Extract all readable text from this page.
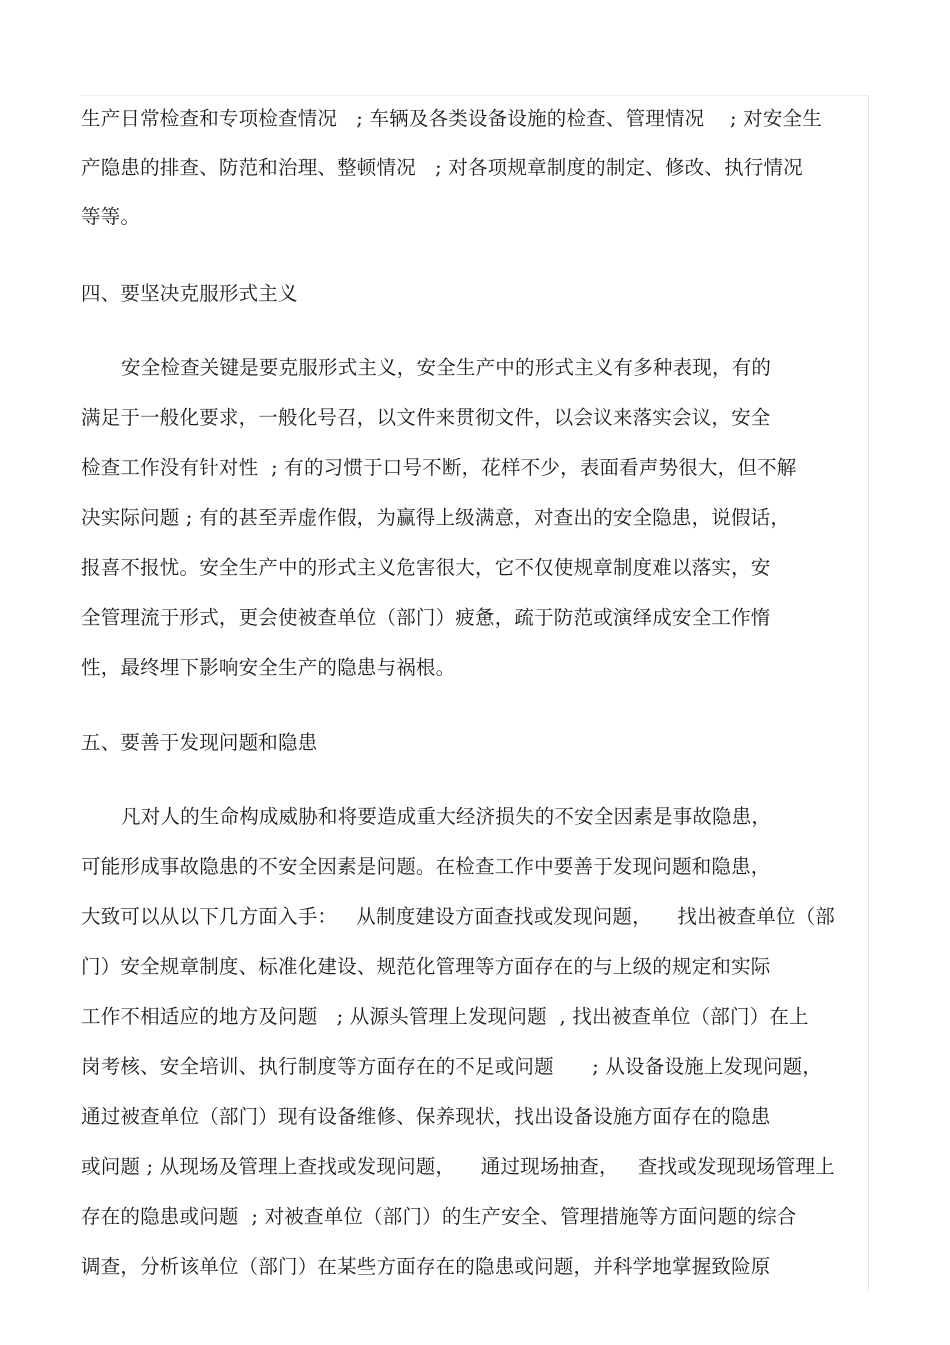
生产日常检查和专项检查情况   ; 车辆及各类设备设施的检查、管理情况    ; 对安全生
产隐患的排查、防范和治理、整顿情况   ; 对各项规章制度的制定、修改、执行情况
等等。
四、要坚决克服形式主义
安全检查关键是要克服形式主义，安全生产中的形式主义有多种表现，有的
满足于一般化要求，一般化号召，以文件来贯彻文件，以会议来落实会议，安全
检查工作没有针对性  ; 有的习惯于口号不断，花样不少，表面看声势很大，但不解
决实际问题 ; 有的甚至弄虚作假，为赢得上级满意，对查出的安全隐患，说假话，
报喜不报忧。安全生产中的形式主义危害很大，它不仅使规章制度难以落实，安
全管理流于形式，更会使被查单位（部门）疲惫，疏于防范或演绎成安全工作惰
性，最终埋下影响安全生产的隐患与祸根。
五、要善于发现问题和隐患
凡对人的生命构成威胁和将要造成重大经济损失的不安全因素是事故隐患，
可能形成事故隐患的不安全因素是问题。在检查工作中要善于发现问题和隐患，
大致可以从以下几方面入手：   从制度建设方面查找或发现问题，    找出被查单位（部
门）安全规章制度、标准化建设、规范化管理等方面存在的与上级的规定和实际
工作不相适应的地方及问题   ; 从源头管理上发现问题  , 找出被查单位（部门）在上
岗考核、安全培训、执行制度等方面存在的不足或问题      ; 从设备设施上发现问题，
通过被查单位（部门）现有设备维修、保养现状，找出设备设施方面存在的隐患
或问题 ; 从现场及管理上查找或发现问题，    通过现场抽查，   查找或发现现场管理上
存在的隐患或问题  ; 对被查单位（部门）的生产安全、管理措施等方面问题的综合
调查，分析该单位（部门）在某些方面存在的隐患或问题，并科学地掌握致险原
